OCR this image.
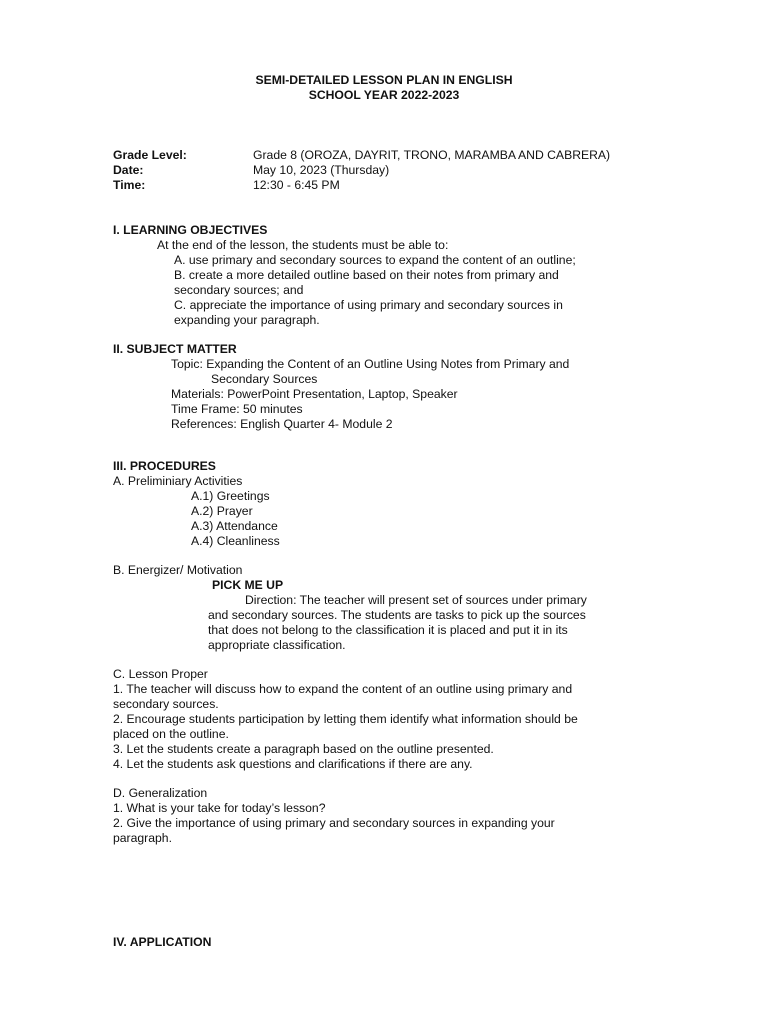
SEMI-DETAILED LESSON PLAN IN ENGLISH
SCHOOL YEAR 2022-2023
Grade Level:	Grade 8 (OROZA, DAYRIT, TRONO, MARAMBA AND CABRERA)
Date:	May 10, 2023 (Thursday)
Time:	12:30 - 6:45 PM
I. LEARNING OBJECTIVES
At the end of the lesson, the students must be able to:
A. use primary and secondary sources to expand the content of an outline;
B. create a more detailed outline based on their notes from primary and
secondary sources; and
C. appreciate the importance of using primary and secondary sources in
expanding your paragraph.
II. SUBJECT MATTER
Topic: Expanding the Content of an Outline Using Notes from Primary and
Secondary Sources
Materials: PowerPoint Presentation, Laptop, Speaker
Time Frame: 50 minutes
References: English Quarter 4- Module 2
III. PROCEDURES
A. Preliminiary Activities
A.1) Greetings
A.2) Prayer
A.3) Attendance
A.4) Cleanliness
B. Energizer/ Motivation
PICK ME UP
Direction: The teacher will present set of sources under primary
and secondary sources. The students are tasks to pick up the sources
that does not belong to the classification it is placed and put it in its
appropriate classification.
C. Lesson Proper
1. The teacher will discuss how to expand the content of an outline using primary and
secondary sources.
2. Encourage students participation by letting them identify what information should be
placed on the outline.
3. Let the students create a paragraph based on the outline presented.
4. Let the students ask questions and clarifications if there are any.
D. Generalization
1. What is your take for today’s lesson?
2. Give the importance of using primary and secondary sources in expanding your
paragraph.
IV. APPLICATION
